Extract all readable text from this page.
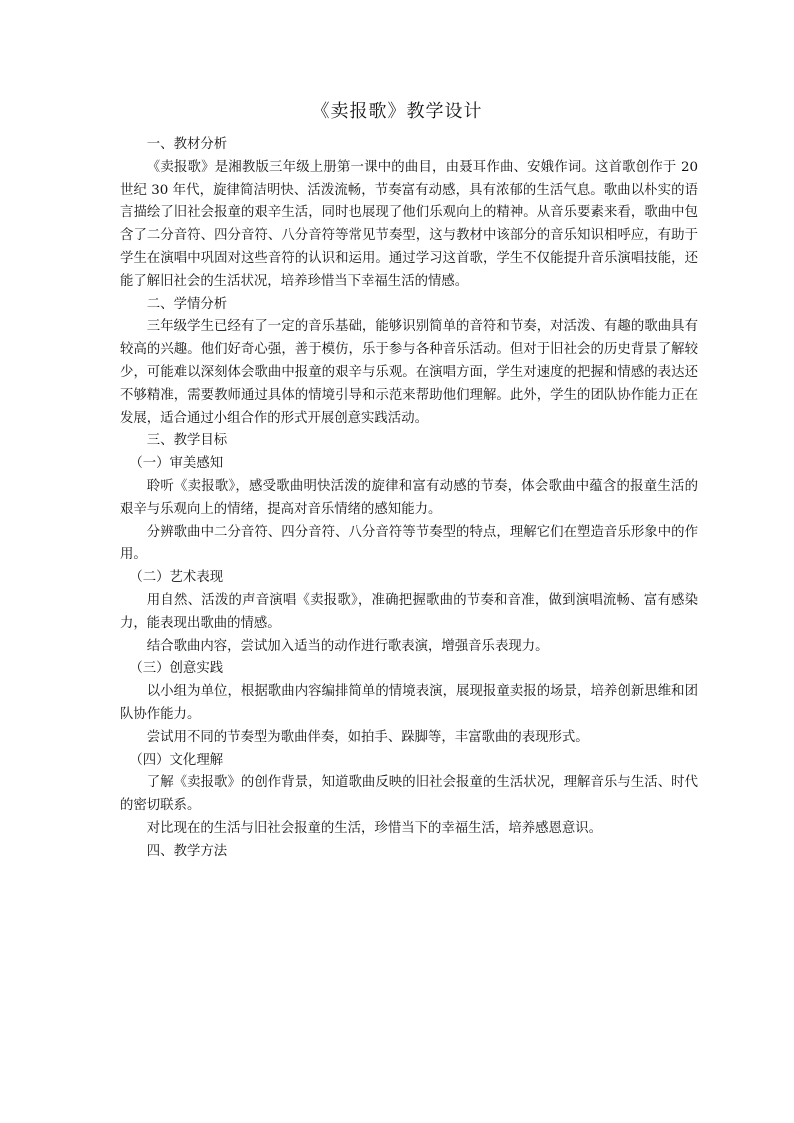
《卖报歌》教学设计

一、教材分析

《卖报歌》是湘教版三年级上册第一课中的曲目，由聂耳作曲、安娥作词。这首歌创作于 20 世纪 30 年代，旋律简洁明快、活泼流畅，节奏富有动感，具有浓郁的生活气息。歌曲以朴实的语言描绘了旧社会报童的艰辛生活，同时也展现了他们乐观向上的精神。从音乐要素来看，歌曲中包含了二分音符、四分音符、八分音符等常见节奏型，这与教材中该部分的音乐知识相呼应，有助于学生在演唱中巩固对这些音符的认识和运用。通过学习这首歌，学生不仅能提升音乐演唱技能，还能了解旧社会的生活状况，培养珍惜当下幸福生活的情感。

二、学情分析

三年级学生已经有了一定的音乐基础，能够识别简单的音符和节奏，对活泼、有趣的歌曲具有较高的兴趣。他们好奇心强，善于模仿，乐于参与各种音乐活动。但对于旧社会的历史背景了解较少，可能难以深刻体会歌曲中报童的艰辛与乐观。在演唱方面，学生对速度的把握和情感的表达还不够精准，需要教师通过具体的情境引导和示范来帮助他们理解。此外，学生的团队协作能力正在发展，适合通过小组合作的形式开展创意实践活动。

三、教学目标

（一）审美感知

聆听《卖报歌》，感受歌曲明快活泼的旋律和富有动感的节奏，体会歌曲中蕴含的报童生活的艰辛与乐观向上的情绪，提高对音乐情绪的感知能力。

分辨歌曲中二分音符、四分音符、八分音符等节奏型的特点，理解它们在塑造音乐形象中的作用。

（二）艺术表现

用自然、活泼的声音演唱《卖报歌》，准确把握歌曲的节奏和音准，做到演唱流畅、富有感染力，能表现出歌曲的情感。

结合歌曲内容，尝试加入适当的动作进行歌表演，增强音乐表现力。

（三）创意实践

以小组为单位，根据歌曲内容编排简单的情境表演，展现报童卖报的场景，培养创新思维和团队协作能力。

尝试用不同的节奏型为歌曲伴奏，如拍手、跺脚等，丰富歌曲的表现形式。

（四）文化理解

了解《卖报歌》的创作背景，知道歌曲反映的旧社会报童的生活状况，理解音乐与生活、时代的密切联系。

对比现在的生活与旧社会报童的生活，珍惜当下的幸福生活，培养感恩意识。

四、教学方法
